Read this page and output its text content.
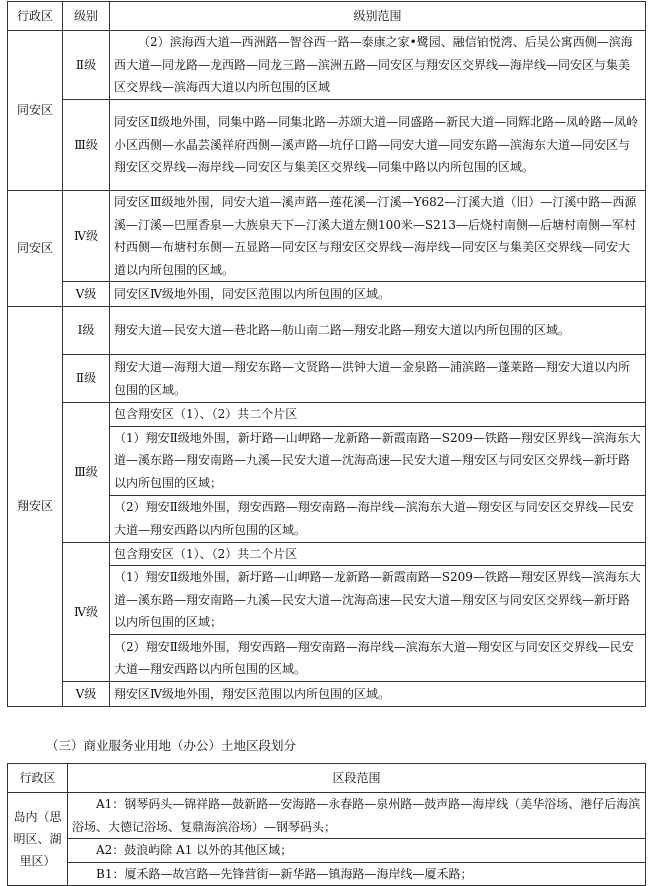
行政区	级别	级别范围
同安区	Ⅱ级	（2）滨海西大道—西洲路—智谷西一路—泰康之家•鹭园、融信铂悦湾、后吴公寓西侧—滨海西大道—同龙路—龙西路—同龙三路—滨洲五路—同安区与翔安区交界线—海岸线—同安区与集美区交界线—滨海西大道以内所包围的区域
	Ⅲ级	同安区Ⅱ级地外围，同集中路—同集北路—苏颂大道—同盛路—新民大道—同辉北路—凤岭路—凤岭小区西侧—水晶芸溪祥府西侧—溪声路—坑仔口路—同安大道—同安东路—滨海东大道—同安区与翔安区交界线—海岸线—同安区与集美区交界线—同集中路以内所包围的区域。
同安区	Ⅳ级	同安区Ⅲ级地外围，同安大道—溪声路—莲花溪—汀溪—Y682—汀溪大道（旧）—汀溪中路—西源溪—汀溪—巴厘香泉—大族泉天下—汀溪大道左侧100米—S213—后烧村南侧—后塘村南侧—军村村西侧—布塘村东侧—五显路—同安区与翔安区交界线—海岸线—同安区与集美区交界线—同安大道以内所包围的区域。
	Ⅴ级	同安区Ⅳ级地外围，同安区范围以内所包围的区域。
翔安区	Ⅰ级	翔安大道—民安大道—巷北路—舫山南二路—翔安北路—翔安大道以内所包围的区域。
	Ⅱ级	翔安大道—海翔大道—翔安东路—文贤路—洪钟大道—金泉路—浦滨路—蓬莱路—翔安大道以内所包围的区域。
	Ⅲ级	包含翔安区（1）、（2）共二个片区
		（1）翔安Ⅱ级地外围，新圩路—山岬路—龙新路—新霞南路—S209—铁路—翔安区界线—滨海东大道—溪东路—翔安南路—九溪—民安大道—沈海高速—民安大道—翔安区与同安区交界线—新圩路以内所包围的区域；
		（2）翔安Ⅱ级地外围，翔安西路—翔安南路—海岸线—滨海东大道—翔安区与同安区交界线—民安大道—翔安西路以内所包围的区域。
	Ⅳ级	包含翔安区（1）、（2）共二个片区
		（1）翔安Ⅱ级地外围，新圩路—山岬路—龙新路—新霞南路—S209—铁路—翔安区界线—滨海东大道—溪东路—翔安南路—九溪—民安大道—沈海高速—民安大道—翔安区与同安区交界线—新圩路以内所包围的区域；
		（2）翔安Ⅱ级地外围，翔安西路—翔安南路—海岸线—滨海东大道—翔安区与同安区交界线—民安大道—翔安西路以内所包围的区域。
	Ⅴ级	翔安区Ⅳ级地外围，翔安区范围以内所包围的区域。
（三）商业服务业用地（办公）土地区段划分
行政区	区段范围
岛内（思明区、湖里区）	A1：钢琴码头—锦祥路—鼓新路—安海路—永春路—泉州路—鼓声路—海岸线（美华浴场、港仔后海滨浴场、大德记浴场、复鼎海滨浴场）—钢琴码头；
	A2：鼓浪屿除 A1 以外的其他区域；
	B1：厦禾路—故宫路—先锋营街—新华路—镇海路—海岸线—厦禾路；
